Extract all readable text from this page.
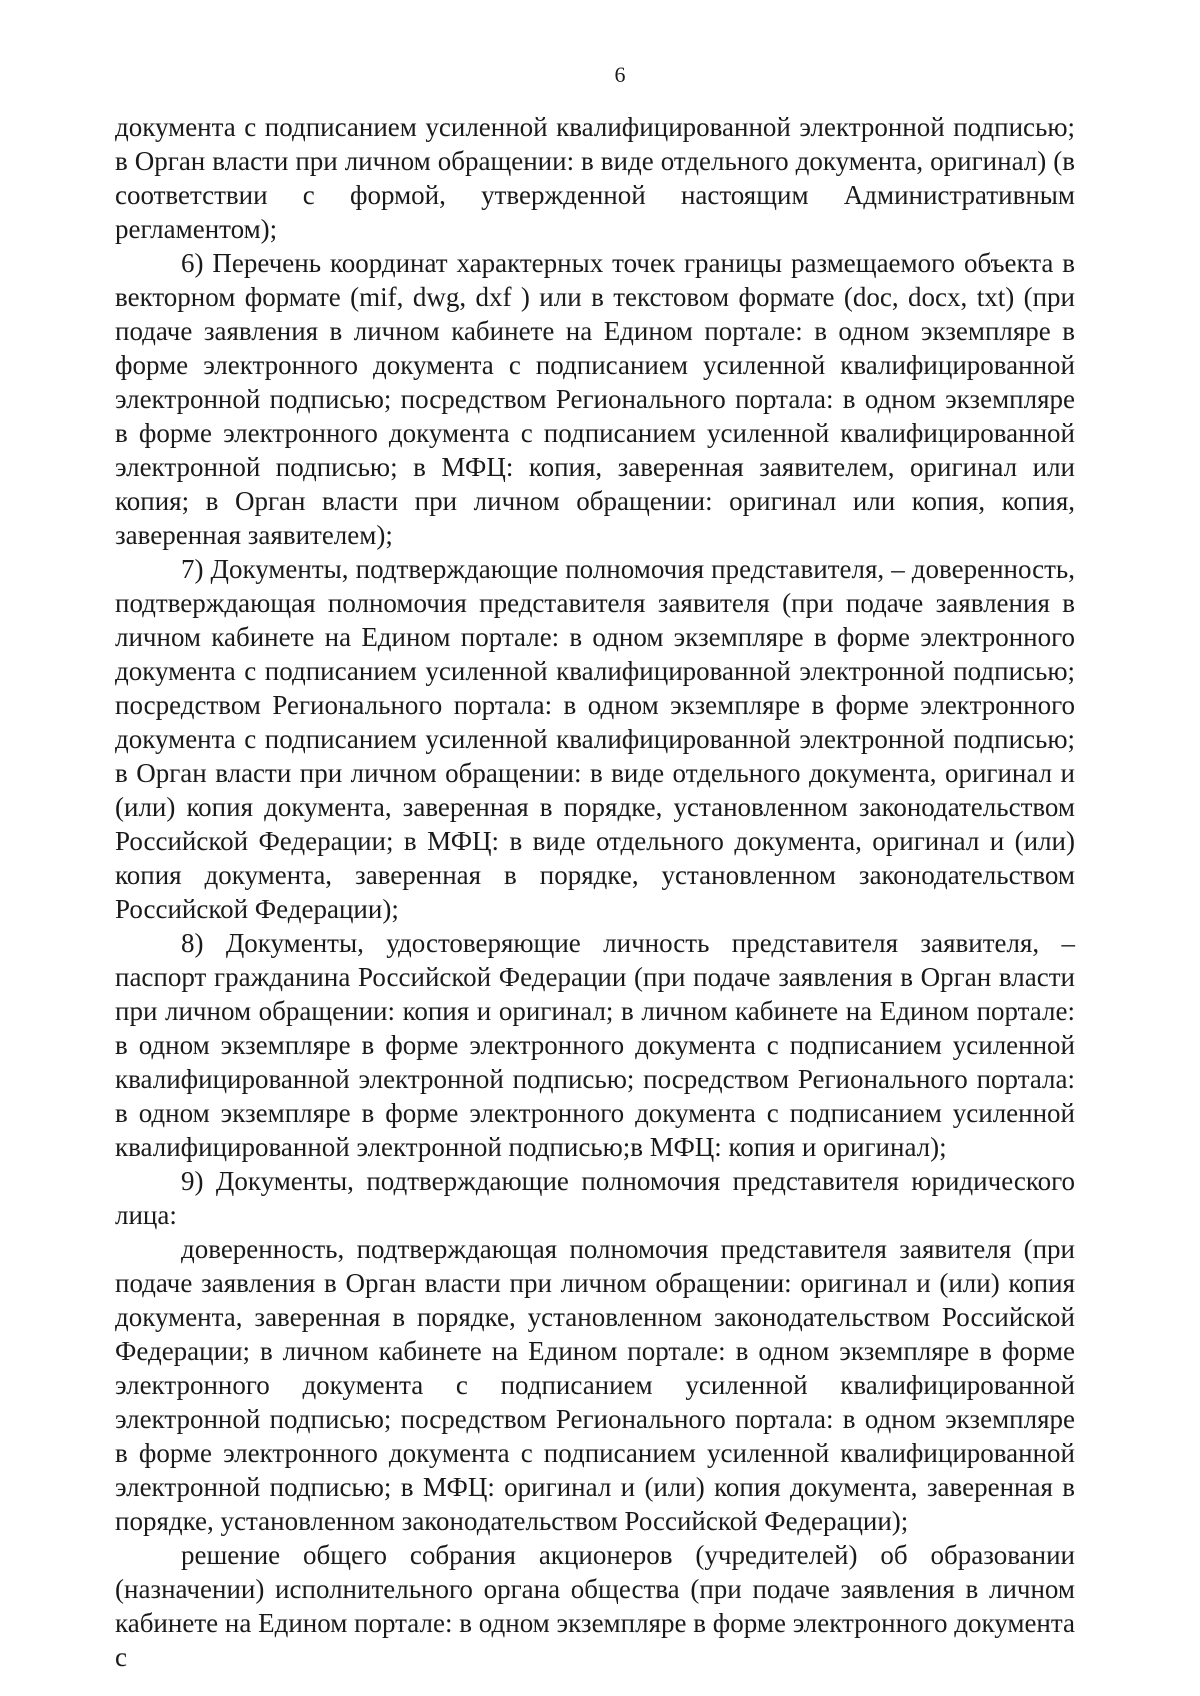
6

документа с подписанием усиленной квалифицированной электронной подписью; в Орган власти при личном обращении: в виде отдельного документа, оригинал) (в соответствии с формой, утвержденной настоящим Административным регламентом);

6) Перечень координат характерных точек границы размещаемого объекта в векторном формате (mif, dwg, dxf ) или в текстовом формате (doc, docx, txt) (при подаче заявления в личном кабинете на Едином портале: в одном экземпляре в форме электронного документа с подписанием усиленной квалифицированной электронной подписью; посредством Регионального портала: в одном экземпляре в форме электронного документа с подписанием усиленной квалифицированной электронной подписью; в МФЦ: копия, заверенная заявителем, оригинал или копия; в Орган власти при личном обращении: оригинал или копия, копия, заверенная заявителем);

7) Документы, подтверждающие полномочия представителя, – доверенность, подтверждающая полномочия представителя заявителя (при подаче заявления в личном кабинете на Едином портале: в одном экземпляре в форме электронного документа с подписанием усиленной квалифицированной электронной подписью; посредством Регионального портала: в одном экземпляре в форме электронного документа с подписанием усиленной квалифицированной электронной подписью; в Орган власти при личном обращении: в виде отдельного документа, оригинал и (или) копия документа, заверенная в порядке, установленном законодательством Российской Федерации; в МФЦ: в виде отдельного документа, оригинал и (или) копия документа, заверенная в порядке, установленном законодательством Российской Федерации);

8) Документы, удостоверяющие личность представителя заявителя, – паспорт гражданина Российской Федерации (при подаче заявления в Орган власти при личном обращении: копия и оригинал; в личном кабинете на Едином портале: в одном экземпляре в форме электронного документа с подписанием усиленной квалифицированной электронной подписью; посредством Регионального портала: в одном экземпляре в форме электронного документа с подписанием усиленной квалифицированной электронной подписью;в МФЦ: копия и оригинал);

9) Документы, подтверждающие полномочия представителя юридического лица:

доверенность, подтверждающая полномочия представителя заявителя (при подаче заявления в Орган власти при личном обращении: оригинал и (или) копия документа, заверенная в порядке, установленном законодательством Российской Федерации; в личном кабинете на Едином портале: в одном экземпляре в форме электронного документа с подписанием усиленной квалифицированной электронной подписью; посредством Регионального портала: в одном экземпляре в форме электронного документа с подписанием усиленной квалифицированной электронной подписью; в МФЦ: оригинал и (или) копия документа, заверенная в порядке, установленном законодательством Российской Федерации);

решение общего собрания акционеров (учредителей) об образовании (назначении) исполнительного органа общества (при подаче заявления в личном кабинете на Едином портале: в одном экземпляре в форме электронного документа с
